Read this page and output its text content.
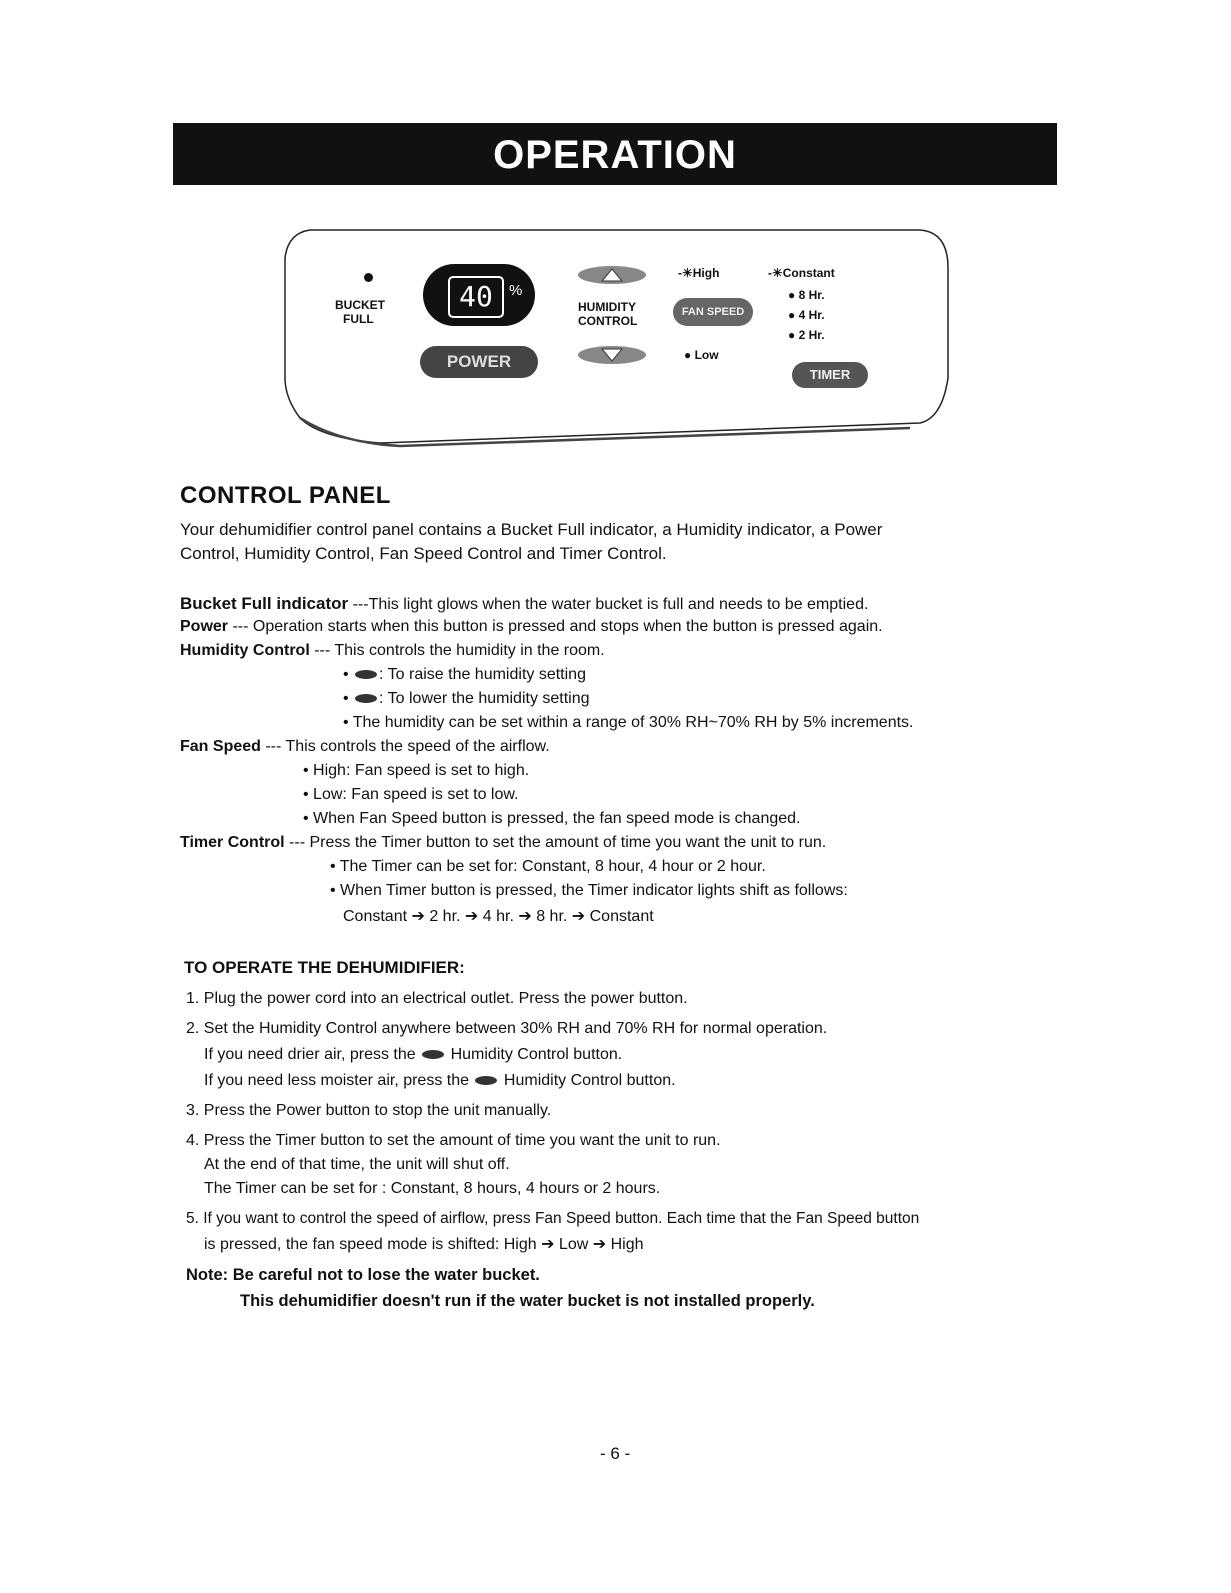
OPERATION
BUCKET
FULL
40	%
POWER
HUMIDITY
CONTROL
-☀High
FAN SPEED
● Low
-☀Constant
● 8 Hr.
● 4 Hr.
● 2 Hr.
TIMER
CONTROL PANEL
Your dehumidifier control panel contains a Bucket Full indicator, a Humidity indicator, a Power
Control, Humidity Control, Fan Speed Control and Timer Control.
Bucket Full indicator ---This light glows when the water bucket is full and needs to be emptied.
Power --- Operation starts when this button is pressed and stops when the button is pressed again.
Humidity Control --- This controls the humidity in the room.
• : To raise the humidity setting
• : To lower the humidity setting
• The humidity can be set within a range of 30% RH~70% RH by 5% increments.
Fan Speed --- This controls the speed of the airflow.
• High: Fan speed is set to high.
• Low: Fan speed is set to low.
• When Fan Speed button is pressed, the fan speed mode is changed.
Timer Control --- Press the Timer button to set the amount of time you want the unit to run.
• The Timer can be set for: Constant, 8 hour, 4 hour or 2 hour.
• When Timer button is pressed, the Timer indicator lights shift as follows:
Constant ➔ 2 hr. ➔ 4 hr. ➔ 8 hr. ➔ Constant
TO OPERATE THE DEHUMIDIFIER:
1. Plug the power cord into an electrical outlet. Press the power button.
2. Set the Humidity Control anywhere between 30% RH and 70% RH for normal operation.
If you need drier air, press the Humidity Control button.
If you need less moister air, press the Humidity Control button.
3. Press the Power button to stop the unit manually.
4. Press the Timer button to set the amount of time you want the unit to run.
At the end of that time, the unit will shut off.
The Timer can be set for : Constant, 8 hours, 4 hours or 2 hours.
5. If you want to control the speed of airflow, press Fan Speed button. Each time that the Fan Speed button
is pressed, the fan speed mode is shifted: High ➔ Low ➔ High
Note: Be careful not to lose the water bucket.
This dehumidifier doesn't run if the water bucket is not installed properly.
- 6 -
